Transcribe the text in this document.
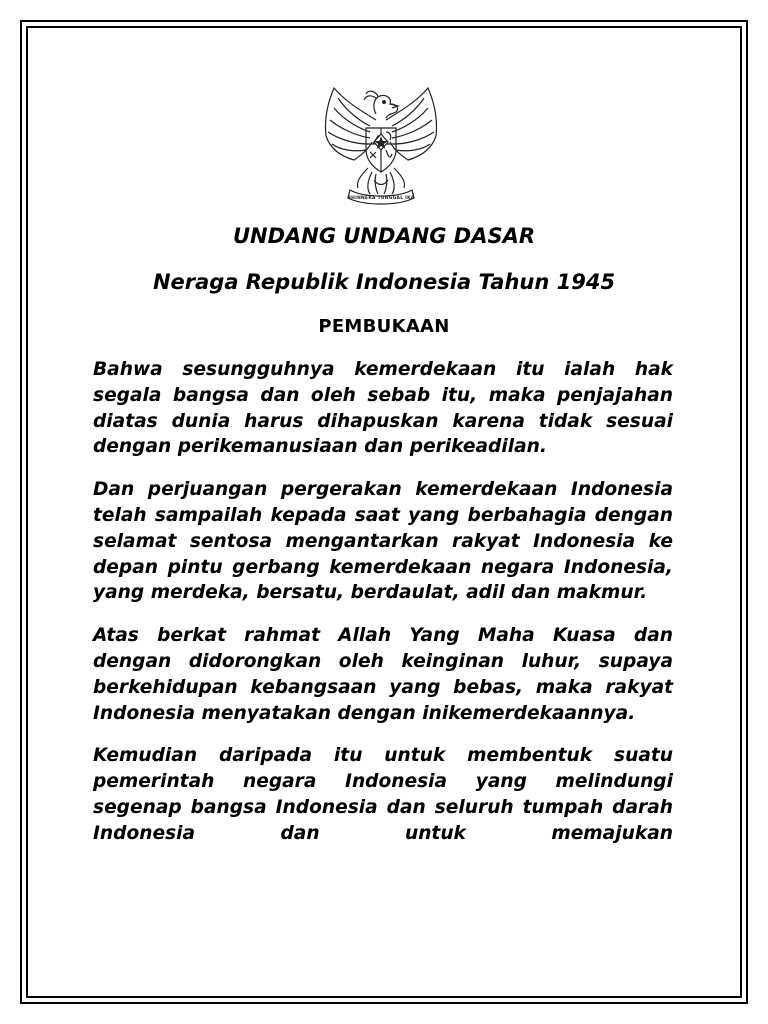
BHINNEKA TUNGGAL IKA
UNDANG UNDANG DASAR
Neraga Republik Indonesia Tahun 1945
PEMBUKAAN

Bahwa sesungguhnya kemerdekaan itu ialah hak segala bangsa dan oleh sebab itu, maka penjajahan diatas dunia harus dihapuskan karena tidak sesuai dengan perikemanusiaan dan perikeadilan.

Dan perjuangan pergerakan kemerdekaan Indonesia telah sampailah kepada saat yang berbahagia dengan selamat sentosa mengantarkan rakyat Indonesia ke depan pintu gerbang kemerdekaan negara Indonesia, yang merdeka, bersatu, berdaulat, adil dan makmur.

Atas berkat rahmat Allah Yang Maha Kuasa dan dengan didorongkan oleh keinginan luhur, supaya berkehidupan kebangsaan yang bebas, maka rakyat Indonesia menyatakan dengan inikemerdekaannya.

Kemudian daripada itu untuk membentuk suatu pemerintah negara Indonesia yang melindungi segenap bangsa Indonesia dan seluruh tumpah darah Indonesia dan untuk memajukan
